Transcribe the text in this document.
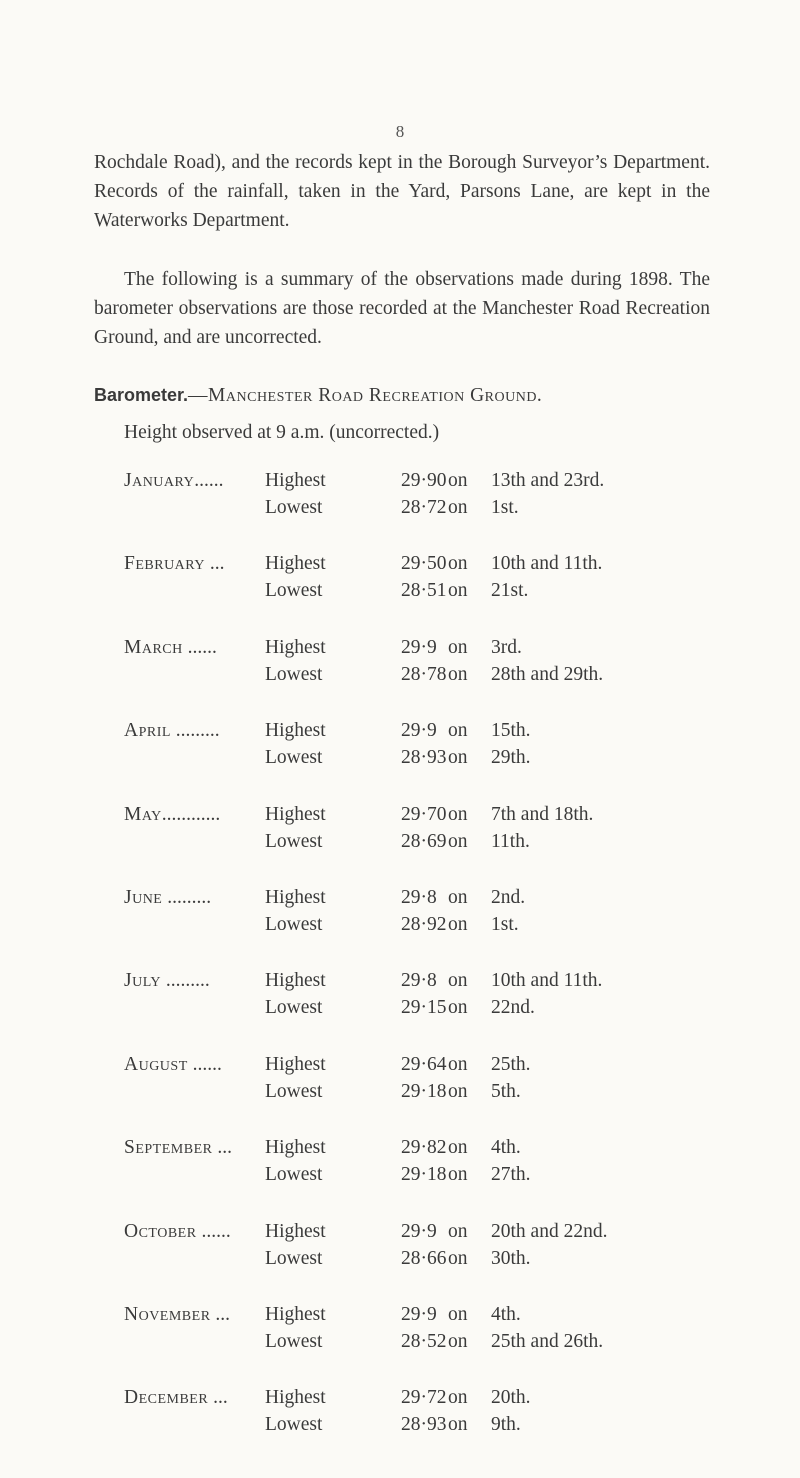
8

Rochdale Road), and the records kept in the Borough Surveyor’s Department. Records of the rainfall, taken in the Yard, Parsons Lane, are kept in the Waterworks Department.

The following is a summary of the observations made during 1898. The barometer observations are those recorded at the Manchester Road Recreation Ground, and are uncorrected.

Barometer.—Manchester Road Recreation Ground.
Height observed at 9 a.m. (uncorrected.)
January......	Highest	29·90 on 13th and 23rd.
Lowest	28·72 on 1st.
February ...	Highest	29·50 on 10th and 11th.
Lowest	28·51 on 21st.
March ......	Highest	29·9 on 3rd.
Lowest	28·78 on 28th and 29th.
April .........	Highest	29·9 on 15th.
Lowest	28·93 on 29th.
May............	Highest	29·70 on 7th and 18th.
Lowest	28·69 on 11th.
June .........	Highest	29·8 on 2nd.
Lowest	28·92 on 1st.
July .........	Highest	29·8 on 10th and 11th.
Lowest	29·15 on 22nd.
August ......	Highest	29·64 on 25th.
Lowest	29·18 on 5th.
September ...	Highest	29·82 on 4th.
Lowest	29·18 on 27th.
October ......	Highest	29·9 on 20th and 22nd.
Lowest	28·66 on 30th.
November ...	Highest	29·9 on 4th.
Lowest	28·52 on 25th and 26th.
December ...	Highest	29·72 on 20th.
Lowest	28·93 on 9th.
